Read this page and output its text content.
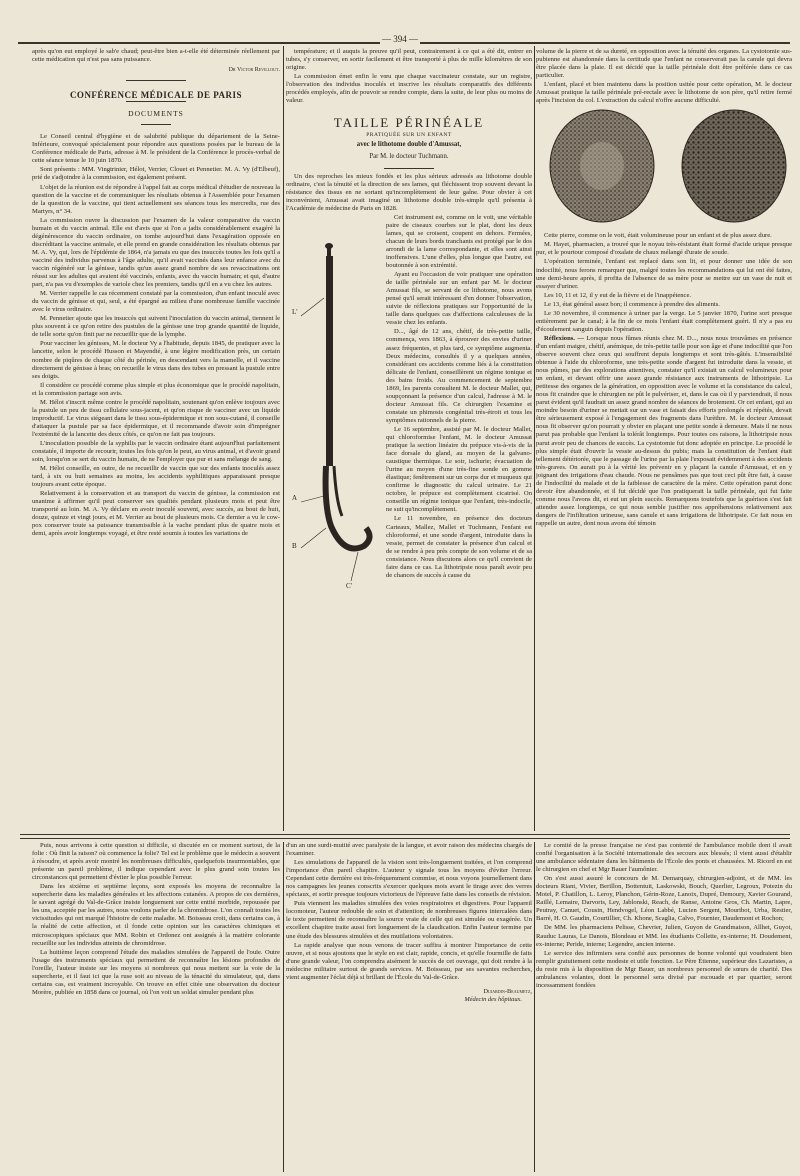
— 394 —

après qu'on eut employé le sab'e chaud; peut-être bien a-t-elle été déterminée réellement par cette médication qui n'est pas sans puissance.

Dr Victor Revillout.
CONFÉRENCE MÉDICALE DE PARIS
DOCUMENTS

Le Conseil central d'hygiène et de salubrité publique du département de la Seine-Inférieure, convoqué spécialement pour répondre aux questions posées par le bureau de la Conférence médicale de Paris, adresse à M. le président de la Conférence le procès-verbal de cette séance tenue le 10 juin 1870.

Sont présents : MM. Vingtrinier, Hélot, Verrier, Clouet et Pennetier. M. A. Vy (d'Elbeuf), prié de s'adjoindre à la commission, est également présent.

L'objet de la réunion est de répondre à l'appel fait au corps médical d'étudier de nouveau la question de la vaccine et de communiquer les résultats obtenus à l'Assemblée pour l'examen de la question de la vaccine, qui tient actuellement ses séances tous les mercredis, rue des Martyrs, n° 34.

La commission ouvre la discussion par l'examen de la valeur comparative du vaccin humain et du vaccin animal. Elle est d'avis que si l'on a jadis considérablement exagéré la dégénérescence du vaccin ordinaire, on tombe aujourd'hui dans l'exagération opposée en discréditant la vaccine animale, et elle prend en grande considération les résultats obtenus par M. A. Vy, qui, lors de l'épidémie de 1864, n'a jamais eu que des insuccès toutes les fois qu'il a vacciné des individus parvenus à l'âge adulte, qu'il avait vaccinés dans leur enfance avec du vaccin régénéré sur la génisse, tandis qu'un assez grand nombre de ses revaccinations ont réussi sur les adultes qui avaient été vaccinés, enfants, avec du vaccin humain; et qui, d'autre part, n'a pas vu d'exemples de variole chez les premiers, tandis qu'il en a vu chez les autres.

M. Verrier rappelle le cas récemment constaté par la commission, d'un enfant inoculé avec du vaccin de génisse et qui, seul, a été épargné au milieu d'une nombreuse famille vaccinée avec le virus ordinaire.

M. Pennetier ajoute que les insuccès qui suivent l'inoculation du vaccin animal, tiennent le plus souvent à ce qu'on retire des pustules de la génisse une trop grande quantité de liquide, de telle sorte qu'on finit par ne recueillir que de la lymphe.

Pour vacciner les génisses, M. le docteur Vy a l'habitude, depuis 1845, de pratiquer avec la lancette, selon le procédé Husson et Mayendié, à une légère modification près, un certain nombre de piqûres de chaque côté du périnée, en descendant vers la mamelle, et il vaccine directement de génisse à bras; on recueille le virus dans des tubes en pressant la pustule entre ses doigts.

Il considère ce procédé comme plus simple et plus économique que le procédé napolitain, et la commission partage son avis.

M. Hélot s'inscrit même contre le procédé napolitain, soutenant qu'on enlève toujours avec la pustule un peu de tissu cellulaire sous-jacent, et qu'on risque de vacciner avec un liquide improductif. Le virus siégeant dans le tissu sous-épidermique et non sous-cutané, il conseille d'attaquer la pustule par sa face épidermique, et il recommande d'avoir soin d'imprégner l'extrémité de la lancette des deux côtés, ce qu'on ne fait pas toujours.

L'inoculation possible de la syphilis par le vaccin ordinaire étant aujourd'hui parfaitement constatée, il importe de recourir, toutes les fois qu'on le peut, au virus animal, et d'avoir grand soin, lorsqu'on se sert du vaccin humain, de ne l'employer que pur et sans mélange de sang.

M. Hélot conseille, en outre, de ne recueillir de vaccin que sur des enfants inoculés assez tard, à six ou huit semaines au moins, les accidents syphilitiques apparaissant presque toujours avant cette époque.

Relativement à la conservation et au transport du vaccin de génisse, la commission est unanime à affirmer qu'il peut conserver ses qualités pendant plusieurs mois et peut être transporté au loin. M. A. Vy déclare en avoir inoculé souvent, avec succès, au bout de huit, douze, quinze et vingt jours, et M. Verrier au bout de plusieurs mois. Ce dernier a vu le cow-pox conserver toute sa puissance transmissible à la vache pendant plus de quatre mois et demi, après avoir longtemps voyagé, et être resté soumis à toutes les variations de

température; et il auquis la preuve qu'il peut, contrairement à ce qui a été dit, entrer en tubes, s'y conserver, en sortir facilement et être transporté à plus de mille kilomètres de son origine.

La commission émet enfin le vœu que chaque vaccinateur constate, sur un registre, l'observation des individus inoculés et inscrive les résultats comparatifs des différents procédés employés, afin de pouvoir se rendre compte, dans la suite, de leur plus ou moins de valeur.

TAILLE PÉRINÉALE
PRATIQUÉE SUR UN ENFANT
avec le lithotome double d'Amussat,
Par M. le docteur Tuchmann.

Un des reproches les mieux fondés et les plus sérieux adressés au lithotome double ordinaire, c'est la ténuité et la direction de ses lames, qui fléchissent trop souvent devant la résistance des tissus en ne sortant qu'incomplètement de leur gaîne. Pour obvier à cet inconvénient, Amussat avait imaginé un lithotome double très-simple qu'il présenta à l'Académie de médecine de Paris en 1828.

L'
A
B
C'

Cet instrument est, comme on le voit, une véritable paire de ciseaux courbes sur le plat, dont les deux lames, qui se croisent, coupent en dehors. Fermées, chacun de leurs bords tranchants est protégé par le dos arrondi de la lame correspondante, et elles sont ainsi inoffensives. L'une d'elles, plus longue que l'autre, est boutonnée à son extrémité.

Ayant eu l'occasion de voir pratiquer une opération de taille périnéale sur un enfant par M. le docteur Amussat fils, se servant de ce lithotome, nous avons pensé qu'il serait intéressant d'en donner l'observation, suivie de réflexions pratiques sur l'opportunité de la taille dans quelques cas d'affections calculeuses de la vessie chez les enfants.

D..., âgé de 12 ans, chétif, de très-petite taille, commença, vers 1863, à éprouver des envies d'uriner assez fréquentes, et plus tard, ce symptôme augmenta. Deux médecins, consultés il y a quelques années, considérant ces accidents comme liés à la constitution délicate de l'enfant, conseillèrent un régime tonique et des bains froids. Au commencement de septembre 1869, les parents consultent M. le docteur Mallet, qui, soupçonnant la présence d'un calcul, l'adresse à M. le docteur Amussat fils. Ce chirurgien l'examine et constate un phimosis congénital très-étroit et tous les symptômes rationnels de la pierre.

Le 16 septembre, assisté par M. le docteur Mallet, qui chloroformise l'enfant, M. le docteur Amussat pratique la section linéaire du prépuce vis-à-vis de la face dorsale du gland, au moyen de la galvano-caustique thermique. Le soir, ischurie; évacuation de l'urine au moyen d'une très-fine sonde en gomme élastique; fenêtrement sur un corps dur et muqueux qui confirme le diagnostic du calcul urinaire. Le 21 octobre, le prépuce est complètement cicatrisé. On conseille un régime tonique que l'enfant, très-indocile, ne suit qu'incomplètement.

Le 11 novembre, en présence des docteurs Carteaux, Mallez, Mallet et Tuchmann, l'enfant est chloroformé, et une sonde d'argent, introduite dans la vessie, permet de constater la présence d'un calcul et de se rendre à peu près compte de son volume et de sa consistance. Nous discutons alors ce qu'il convient de faire dans ce cas. La lithotripsie nous paraît avoir peu de chances de succès à cause du

volume de la pierre et de sa dureté, en opposition avec la ténuité des organes. La cystotomie sus-pubienne est abandonnée dans la certitude que l'enfant ne conserverait pas la canule qui devra être placée dans la plaie. Il est décidé que la taille périnéale doit être préférée dans ce cas particulier.

L'enfant, placé et bien maintenu dans la position usitée pour cette opération, M. le docteur Amussat pratique la taille périnéale pré-rectale avec le lithotome de son père, qu'il retire fermé après l'incision du col. L'extraction du calcul n'offre aucune difficulté.

Cette pierre, comme on le voit, était volumineuse pour un enfant et de plus assez dure.

M. Hayet, pharmacien, a trouvé que le noyau très-résistant était formé d'acide urique presque pur, et le pourtour composé d'oxalate de chaux mélangé d'urate de soude.

L'opération terminée, l'enfant est replacé dans son lit, et pour donner une idée de son indocilité, nous ferons remarquer que, malgré toutes les recommandations qui lui ont été faites, une demi-heure après, il profita de l'absence de sa mère pour se mettre sur un vase de nuit et essayer d'uriner.

Les 10, 11 et 12, il y eut de la fièvre et de l'inappétence.

Le 13, état général assez bon; il commence à prendre des aliments.

Le 30 novembre, il commence à uriner par la verge. Le 5 janvier 1870, l'urine sort presque entièrement par le canal; à la fin de ce mois l'enfant était complètement guéri. Il n'y a pas eu d'écoulement sanguin depuis l'opération.

Réflexions. — Lorsque nous fûmes réunis chez M. D..., nous nous trouvâmes en présence d'un enfant maigre, chétif, anémique, de très-petite taille pour son âge et d'une indocilité que l'on observe souvent chez ceux qui souffrent depuis longtemps et sont très-gâtés. L'insensibilité obtenue à l'aide du chloroforme, une très-petite sonde d'argent fut introduite dans la vessie, et nous pûmes, par des explorations attentives, constater qu'il existait un calcul volumineux pour un enfant, et devant offrir une assez grande résistance aux instruments de lithotripsie. La petitesse des organes de la génération, en opposition avec le volume et la consistance du calcul, nous fit craindre que le chirurgien ne pût le pulvériser, et, dans le cas où il y parviendrait, il nous parut évident qu'il faudrait un assez grand nombre de séances de broiement. Or cet enfant, qui au moindre besoin d'uriner se mettait sur un vase et faisait des efforts prolongés et répétés, devait être sérieusement exposé à l'engagement des fragments dans l'urèthre. M. le docteur Amussat nous fit observer qu'on pourrait y obvier en plaçant une petite sonde à demeure. Mais il ne nous parut pas probable que l'enfant la tolérât longtemps. Pour toutes ces raisons, la lithotripsie nous parut avoir peu de chances de succès. La cystotomie fut donc adoptée en principe. Le procédé le plus simple était d'ouvrir la vessie au-dessus du pubis; mais la constitution de l'enfant était tellement détériorée, que le passage de l'urine par la plaie l'exposait évidemment à des accidents très-graves. On aurait pu à la vérité les prévenir en y plaçant la canule d'Amussat, et en y joignant des irrigations d'eau chaude. Nous ne pensâmes pas que tout ceci pût être fait, à cause de l'indocilité du malade et de la faiblesse de caractère de la mère. Cette opération parut donc devoir être abandonnée, et il fut décidé que l'on pratiquerait la taille périnéale, qui fut faite comme nous l'avons dit, et eut un plein succès. Remarquons toutefois que la guérison s'est fait attendre assez longtemps, ce qui nous semble justifier nos appréhensions relativement aux dangers de l'infiltration urineuse, sans canule et sans irrigations de lithotripsie. Ce fait nous en rappelle un autre, dont nous avons été témoin

Puis, nous arrivons à cette question si difficile, si discutée en ce moment surtout, de la folie : Où finit la raison? où commence la folie? Tel est le problème que le médecin a souvent à résoudre, et après avoir montré les nombreuses difficultés, quelquefois insurmontables, que présente un pareil problème, il indique cependant avec le plus grand soin toutes les circonstances qui permettent d'éviter le plus possible l'erreur.

Dans les sixième et septième leçons, sont exposés les moyens de reconnaître la supercherie dans les maladies générales et les affections cutanées. A propos de ces dernières, le savant agrégé du Val-de-Grâce insiste longuement sur cette entité morbide, repoussée par les uns, acceptée par les autres, nous voulons parler de la chromidrose. L'on connaît toutes les vicissitudes qui ont marqué l'histoire de cette maladie. M. Boisseau croit, dans certains cas, à la réalité de cette affection, et il fonde cette opinion sur les caractères chimiques et microscopiques spéciaux que MM. Robin et Ordonez ont assignés à la matière colorante recueillie sur les individus atteints de chromidrose.

La huitième leçon comprend l'étude des maladies simulées de l'appareil de l'ouïe. Outre l'usage des instruments spéciaux qui permettent de reconnaître les lésions profondes de l'oreille, l'auteur insiste sur les moyens si nombreux qui nous mettent sur la voie de la supercherie, et il faut ici que la ruse soit au niveau de la ténacité du simulateur, qui, dans certains cas, est vraiment incroyable. On trouve en effet citée une observation du docteur Morère, publiée en 1858 dans ce journal, où l'on voit un soldat simuler pendant plus

d'un an une surdi-mutité avec paralysie de la langue, et avoir raison des médecins chargés de l'examiner.

Les simulations de l'appareil de la vision sont très-longuement traitées, et l'on comprend l'importance d'un pareil chapitre. L'auteur y signale tous les moyens d'éviter l'erreur. Cependant cette dernière est très-fréquemment commise, et nous voyons journellement dans nos campagnes les jeunes conscrits s'exercer quelques mois avant le tirage avec des verres spéciaux, et sortir presque toujours victorieux de l'épreuve faite dans les conseils de révision.

Puis viennent les maladies simulées des voies respiratoires et digestives. Pour l'appareil locomoteur, l'auteur redouble de soin et d'attention; de nombreuses figures intercalées dans le texte permettent de reconnaître la source vraie de celle qui est simulée ou exagérée. Un excellent chapitre traite aussi fort longuement de la claudication. Enfin l'auteur termine par une étude des blessures simulées et des mutilations volontaires.

La rapide analyse que nous venons de tracer suffira à montrer l'importance de cette œuvre, et si nous ajoutons que le style en est clair, rapide, concis, et qu'elle fourmille de faits d'une grande valeur, l'on comprendra aisément le succès de cet ouvrage, qui doit rendre à la médecine militaire surtout de grands services. M. Boisseau, par ses savantes recherches, vient augmenter l'éclat déjà si brillant de l'École du Val-de-Grâce.

Duiardin-Beaumetz,
Médecin des hôpitaux.

Le comité de la presse française ne s'est pas contenté de l'ambulance mobile dont il avait confié l'organisation à la Société internationale des secours aux blessés; il vient aussi d'établir une ambulance sédentaire dans les bâtiments de l'École des ponts et chaussées. M. Ricord en est le chirurgien en chef et Mgr Bauer l'aumônier.

On s'est aussi assuré le concours de M. Demarquay, chirurgien-adjoint, et de MM. les docteurs Riant, Vivier, Berillon, Bottentuit, Laskowski, Bouch, Querlier, Legroux, Potezin du Motel, P. Chatillon, L. Leroy, Planchon, Gérin-Roze, Lanoix, Dupré, Demoury, Xavier Gourand, Raillé, Lemaire, Darvoris, Ley, Jablonski, Reach, de Ranse, Antoine Gros, Ch. Martin, Lapre, Peutray, Canuet, Cousin, Hendvogel, Léon Labbé, Lucien Sergent, Mouribot, Urba, Restier, Barré, H. O. Gaudin, Courtillier, Ch. Khone, Scaglia, Calvo, Fournier, Daudemont et Rochon;

De MM. les pharmaciens Pelisse, Chevrier, Julien, Guyon de Grandmaison, Allhet, Guyot, Rauduc Lauras, Le Danois, Blondeau et MM. les étudiants Collette, ex-interne; H. Doudement, ex-interne; Peride, interne; Legendre, ancien interne.

Le service des infirmiers sera confié aux personnes de bonne volonté qui voudraient bien remplir gratuitement cette modeste et utile fonction. Le Père Étienne, supérieur des Lazaristes, a du reste mis à la disposition de Mgr Bauer, un nombreux personnel de sœurs de charité. Des ambulances volantes, dont le personnel sera divisé par escouade et par quartier, seront incessamment fondées
